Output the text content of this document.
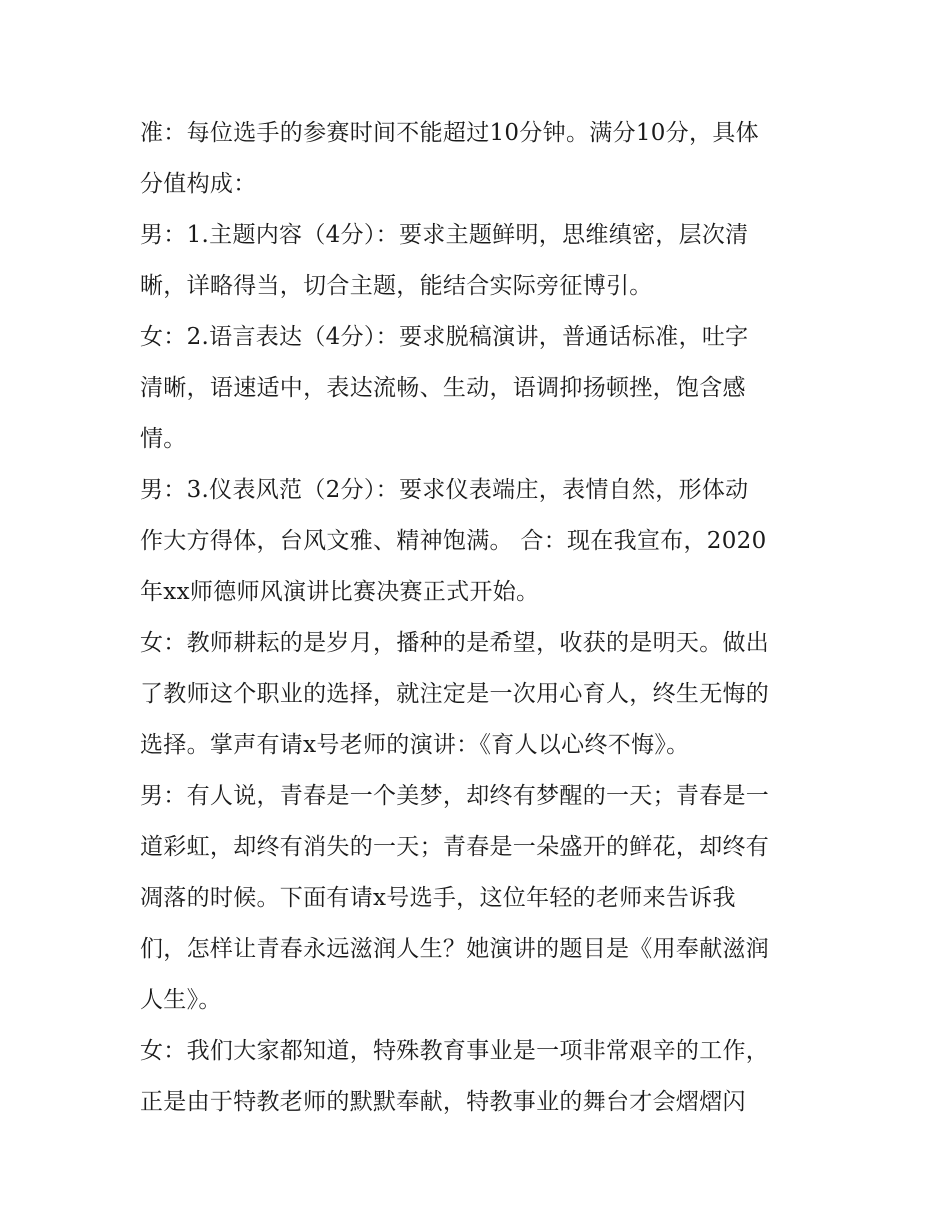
准：每位选手的参赛时间不能超过10分钟。满分10分，具体
分值构成：
男：1.主题内容（4分）：要求主题鲜明，思维缜密，层次清
晰，详略得当，切合主题，能结合实际旁征博引。
女：2.语言表达（4分）：要求脱稿演讲，普通话标准，吐字
清晰，语速适中，表达流畅、生动，语调抑扬顿挫，饱含感
情。
男：3.仪表风范（2分）：要求仪表端庄，表情自然，形体动
作大方得体，台风文雅、精神饱满。 合：现在我宣布，2020
年xx师德师风演讲比赛决赛正式开始。
女：教师耕耘的是岁月，播种的是希望，收获的是明天。做出
了教师这个职业的选择，就注定是一次用心育人，终生无悔的
选择。掌声有请x号老师的演讲：《育人以心终不悔》。
男：有人说，青春是一个美梦，却终有梦醒的一天；青春是一
道彩虹，却终有消失的一天；青春是一朵盛开的鲜花，却终有
凋落的时候。下面有请x号选手，这位年轻的老师来告诉我
们，怎样让青春永远滋润人生？她演讲的题目是《用奉献滋润
人生》。
女：我们大家都知道，特殊教育事业是一项非常艰辛的工作，
正是由于特教老师的默默奉献，特教事业的舞台才会熠熠闪
